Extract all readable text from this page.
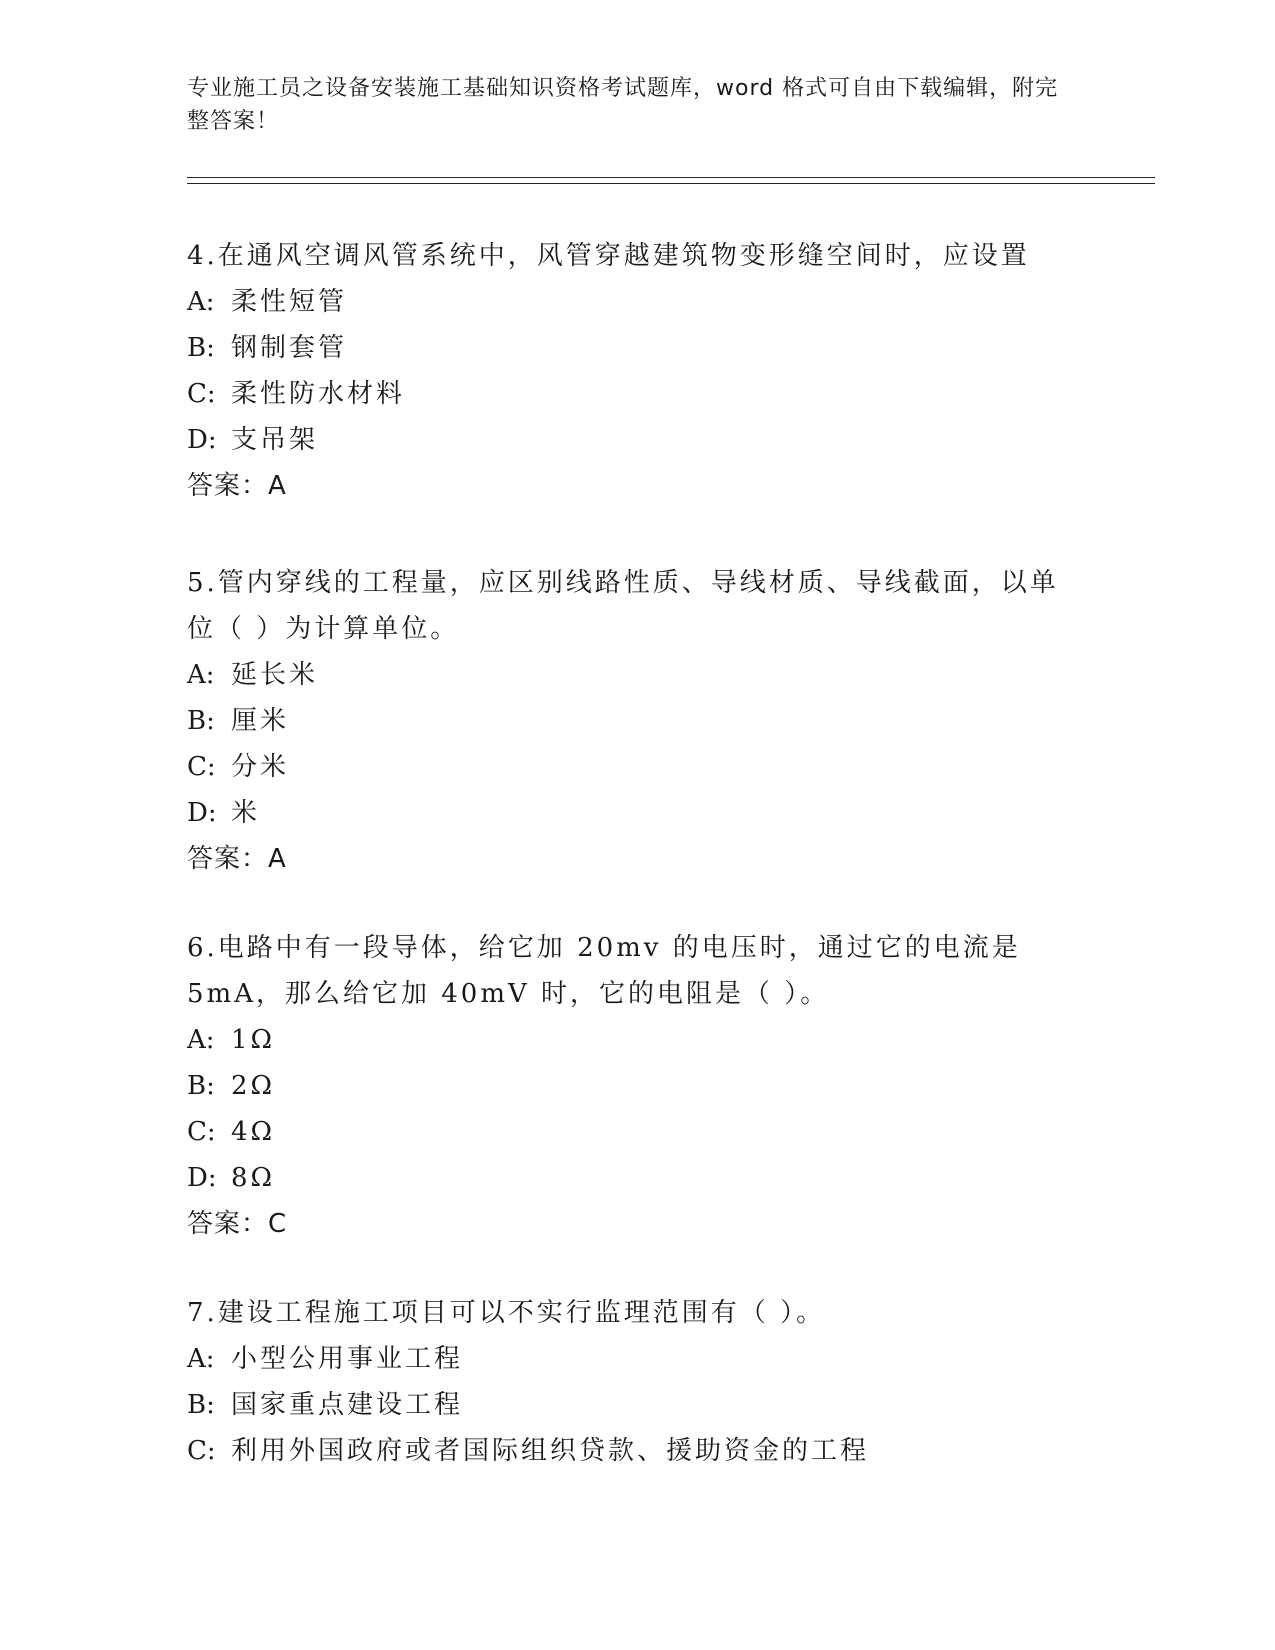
专业施工员之设备安装施工基础知识资格考试题库，word 格式可自由下载编辑，附完整答案！
4.在通风空调风管系统中，风管穿越建筑物变形缝空间时，应设置
A: 柔性短管
B: 钢制套管
C: 柔性防水材料
D: 支吊架
答案：A
5.管内穿线的工程量，应区别线路性质、导线材质、导线截面，以单位（ ）为计算单位。
A: 延长米
B: 厘米
C: 分米
D: 米
答案：A
6.电路中有一段导体，给它加 20mv 的电压时，通过它的电流是 5mA，那么给它加 40mV 时，它的电阻是（ ）。
A: 1Ω
B: 2Ω
C: 4Ω
D: 8Ω
答案：C
7.建设工程施工项目可以不实行监理范围有（ ）。
A: 小型公用事业工程
B: 国家重点建设工程
C: 利用外国政府或者国际组织贷款、援助资金的工程
